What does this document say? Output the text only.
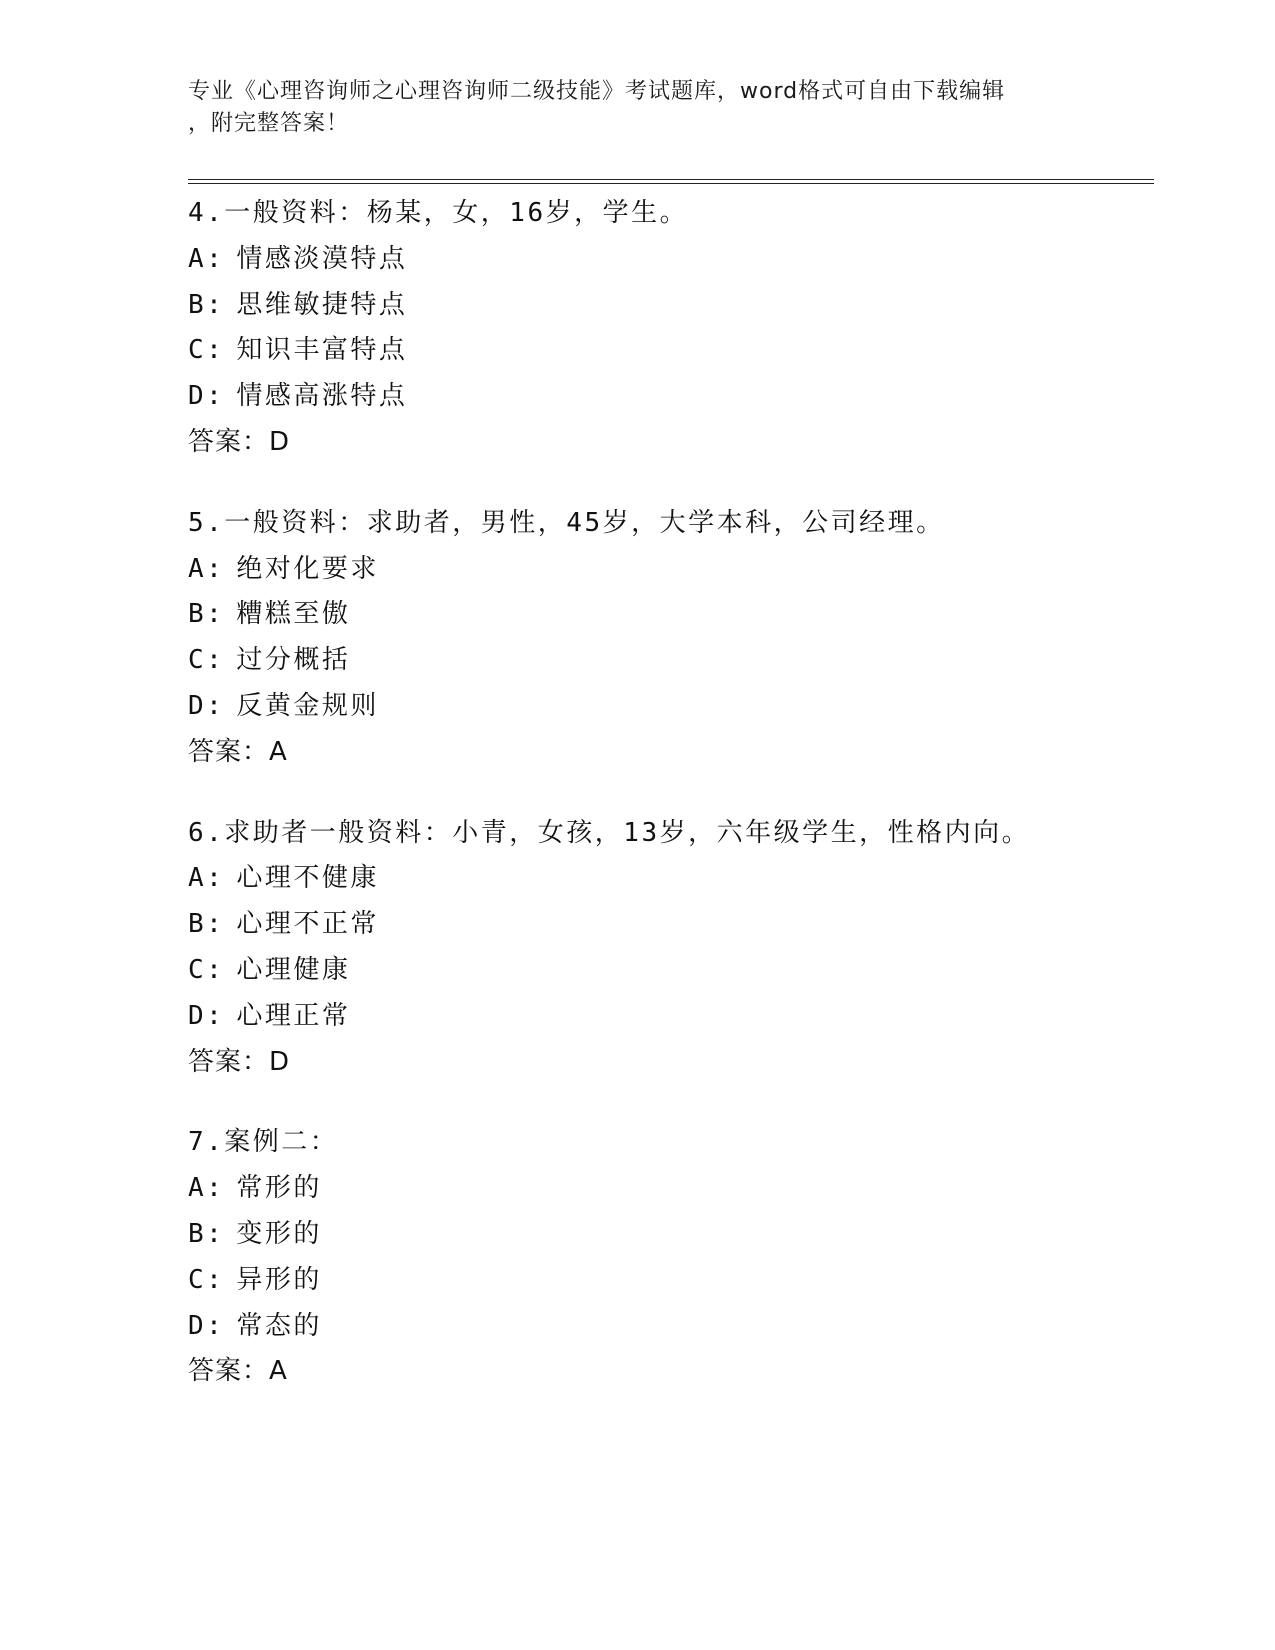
专业《心理咨询师之心理咨询师二级技能》考试题库，word格式可自由下载编辑
，附完整答案！
4.一般资料：杨某，女，16岁，学生。
A: 情感淡漠特点
B: 思维敏捷特点
C: 知识丰富特点
D: 情感高涨特点
答案：D
5.一般资料：求助者，男性，45岁，大学本科，公司经理。
A: 绝对化要求
B: 糟糕至傲
C: 过分概括
D: 反黄金规则
答案：A
6.求助者一般资料：小青，女孩，13岁，六年级学生，性格内向。
A: 心理不健康
B: 心理不正常
C: 心理健康
D: 心理正常
答案：D
7.案例二：
A: 常形的
B: 变形的
C: 异形的
D: 常态的
答案：A
